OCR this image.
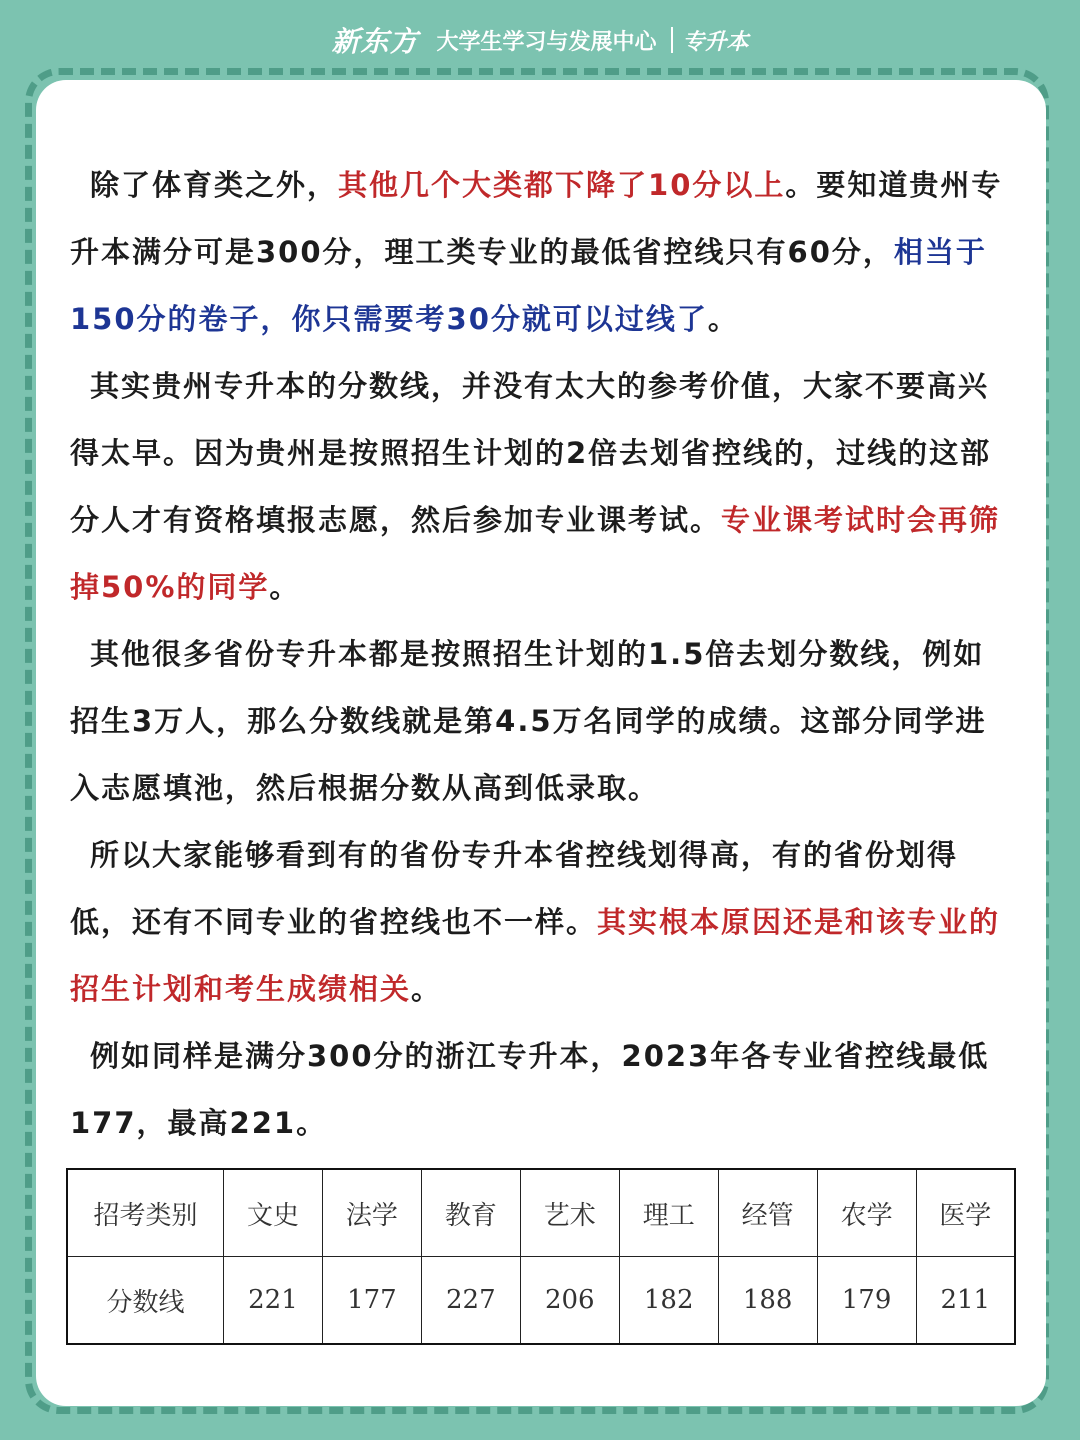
新东方 大学生学习与发展中心 专升本

除了体育类之外，其他几个大类都下降了10分以上。要知道贵州专升本满分可是300分，理工类专业的最低省控线只有60分，相当于150分的卷子，你只需要考30分就可以过线了。

其实贵州专升本的分数线，并没有太大的参考价值，大家不要高兴得太早。因为贵州是按照招生计划的2倍去划省控线的，过线的这部分人才有资格填报志愿，然后参加专业课考试。专业课考试时会再筛掉50%的同学。

其他很多省份专升本都是按照招生计划的1.5倍去划分数线，例如招生3万人，那么分数线就是第4.5万名同学的成绩。这部分同学进入志愿填池，然后根据分数从高到低录取。

所以大家能够看到有的省份专升本省控线划得高，有的省份划得低，还有不同专业的省控线也不一样。其实根本原因还是和该专业的招生计划和考生成绩相关。

例如同样是满分300分的浙江专升本，2023年各专业省控线最低177，最高221。

招考类别	文史	法学	教育	艺术	理工	经管	农学	医学
分数线	221	177	227	206	182	188	179	211
